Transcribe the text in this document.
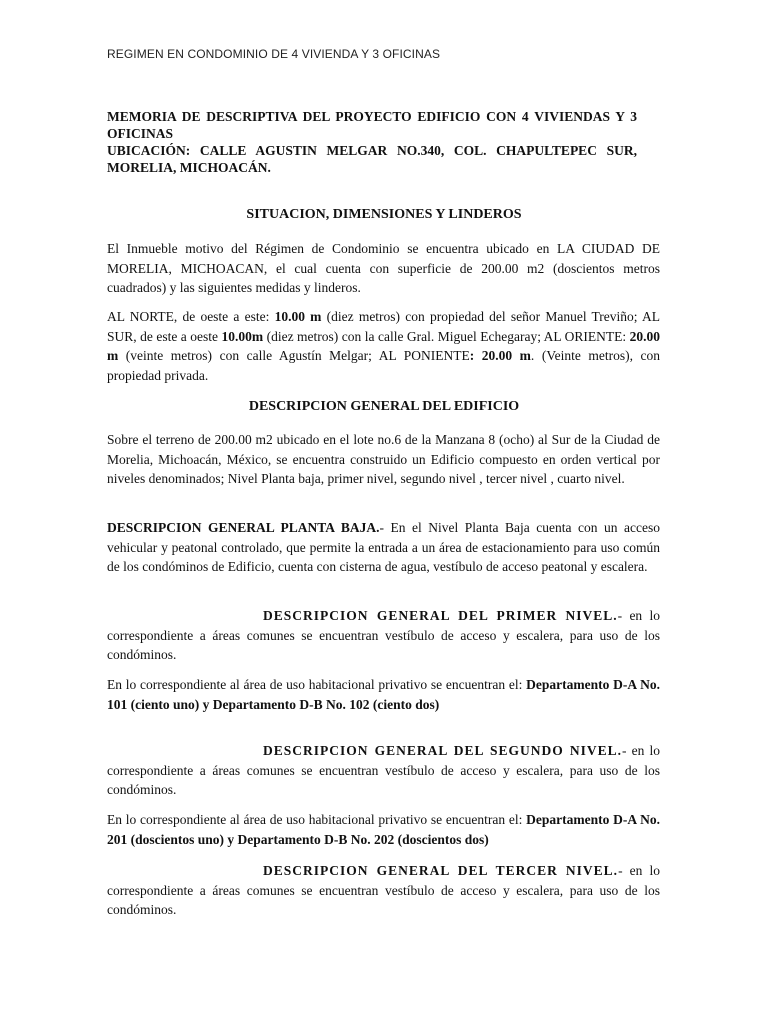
REGIMEN EN CONDOMINIO DE 4 VIVIENDA Y 3 OFICINAS

MEMORIA DE DESCRIPTIVA DEL PROYECTO EDIFICIO CON 4 VIVIENDAS Y 3 OFICINAS

UBICACIÓN: CALLE AGUSTIN MELGAR NO.340, COL. CHAPULTEPEC SUR, MORELIA, MICHOACÁN.

SITUACION, DIMENSIONES Y LINDEROS

El Inmueble motivo del Régimen de Condominio se encuentra ubicado en LA CIUDAD DE MORELIA, MICHOACAN, el cual cuenta con superficie de 200.00 m2 (doscientos metros cuadrados) y las siguientes medidas y linderos.

AL NORTE, de oeste a este: 10.00 m (diez metros) con propiedad del señor Manuel Treviño; AL SUR, de este a oeste 10.00m (diez metros) con la calle Gral. Miguel Echegaray; AL ORIENTE: 20.00 m (veinte metros) con calle Agustín Melgar; AL PONIENTE: 20.00 m. (Veinte metros), con propiedad privada.

DESCRIPCION GENERAL DEL EDIFICIO

Sobre el terreno de 200.00 m2 ubicado en el lote no.6 de la Manzana 8 (ocho) al Sur de la Ciudad de Morelia, Michoacán, México, se encuentra construido un Edificio compuesto en orden vertical por niveles denominados; Nivel Planta baja, primer nivel, segundo nivel , tercer nivel , cuarto nivel.

DESCRIPCION GENERAL PLANTA BAJA.- En el Nivel Planta Baja cuenta con un acceso vehicular y peatonal controlado, que permite la entrada a un área de estacionamiento para uso común de los condóminos de Edificio, cuenta con cisterna de agua, vestíbulo de acceso peatonal y escalera.

DESCRIPCION GENERAL DEL PRIMER NIVEL.- en lo correspondiente a áreas comunes se encuentran vestíbulo de acceso y escalera, para uso de los condóminos.

En lo correspondiente al área de uso habitacional privativo se encuentran el: Departamento D-A No. 101 (ciento uno) y Departamento D-B No. 102 (ciento dos)

DESCRIPCION GENERAL DEL SEGUNDO NIVEL.- en lo correspondiente a áreas comunes se encuentran vestíbulo de acceso y escalera, para uso de los condóminos.

En lo correspondiente al área de uso habitacional privativo se encuentran el: Departamento D-A No. 201 (doscientos uno) y Departamento D-B No. 202 (doscientos dos)

DESCRIPCION GENERAL DEL TERCER NIVEL.- en lo correspondiente a áreas comunes se encuentran vestíbulo de acceso y escalera, para uso de los condóminos.
